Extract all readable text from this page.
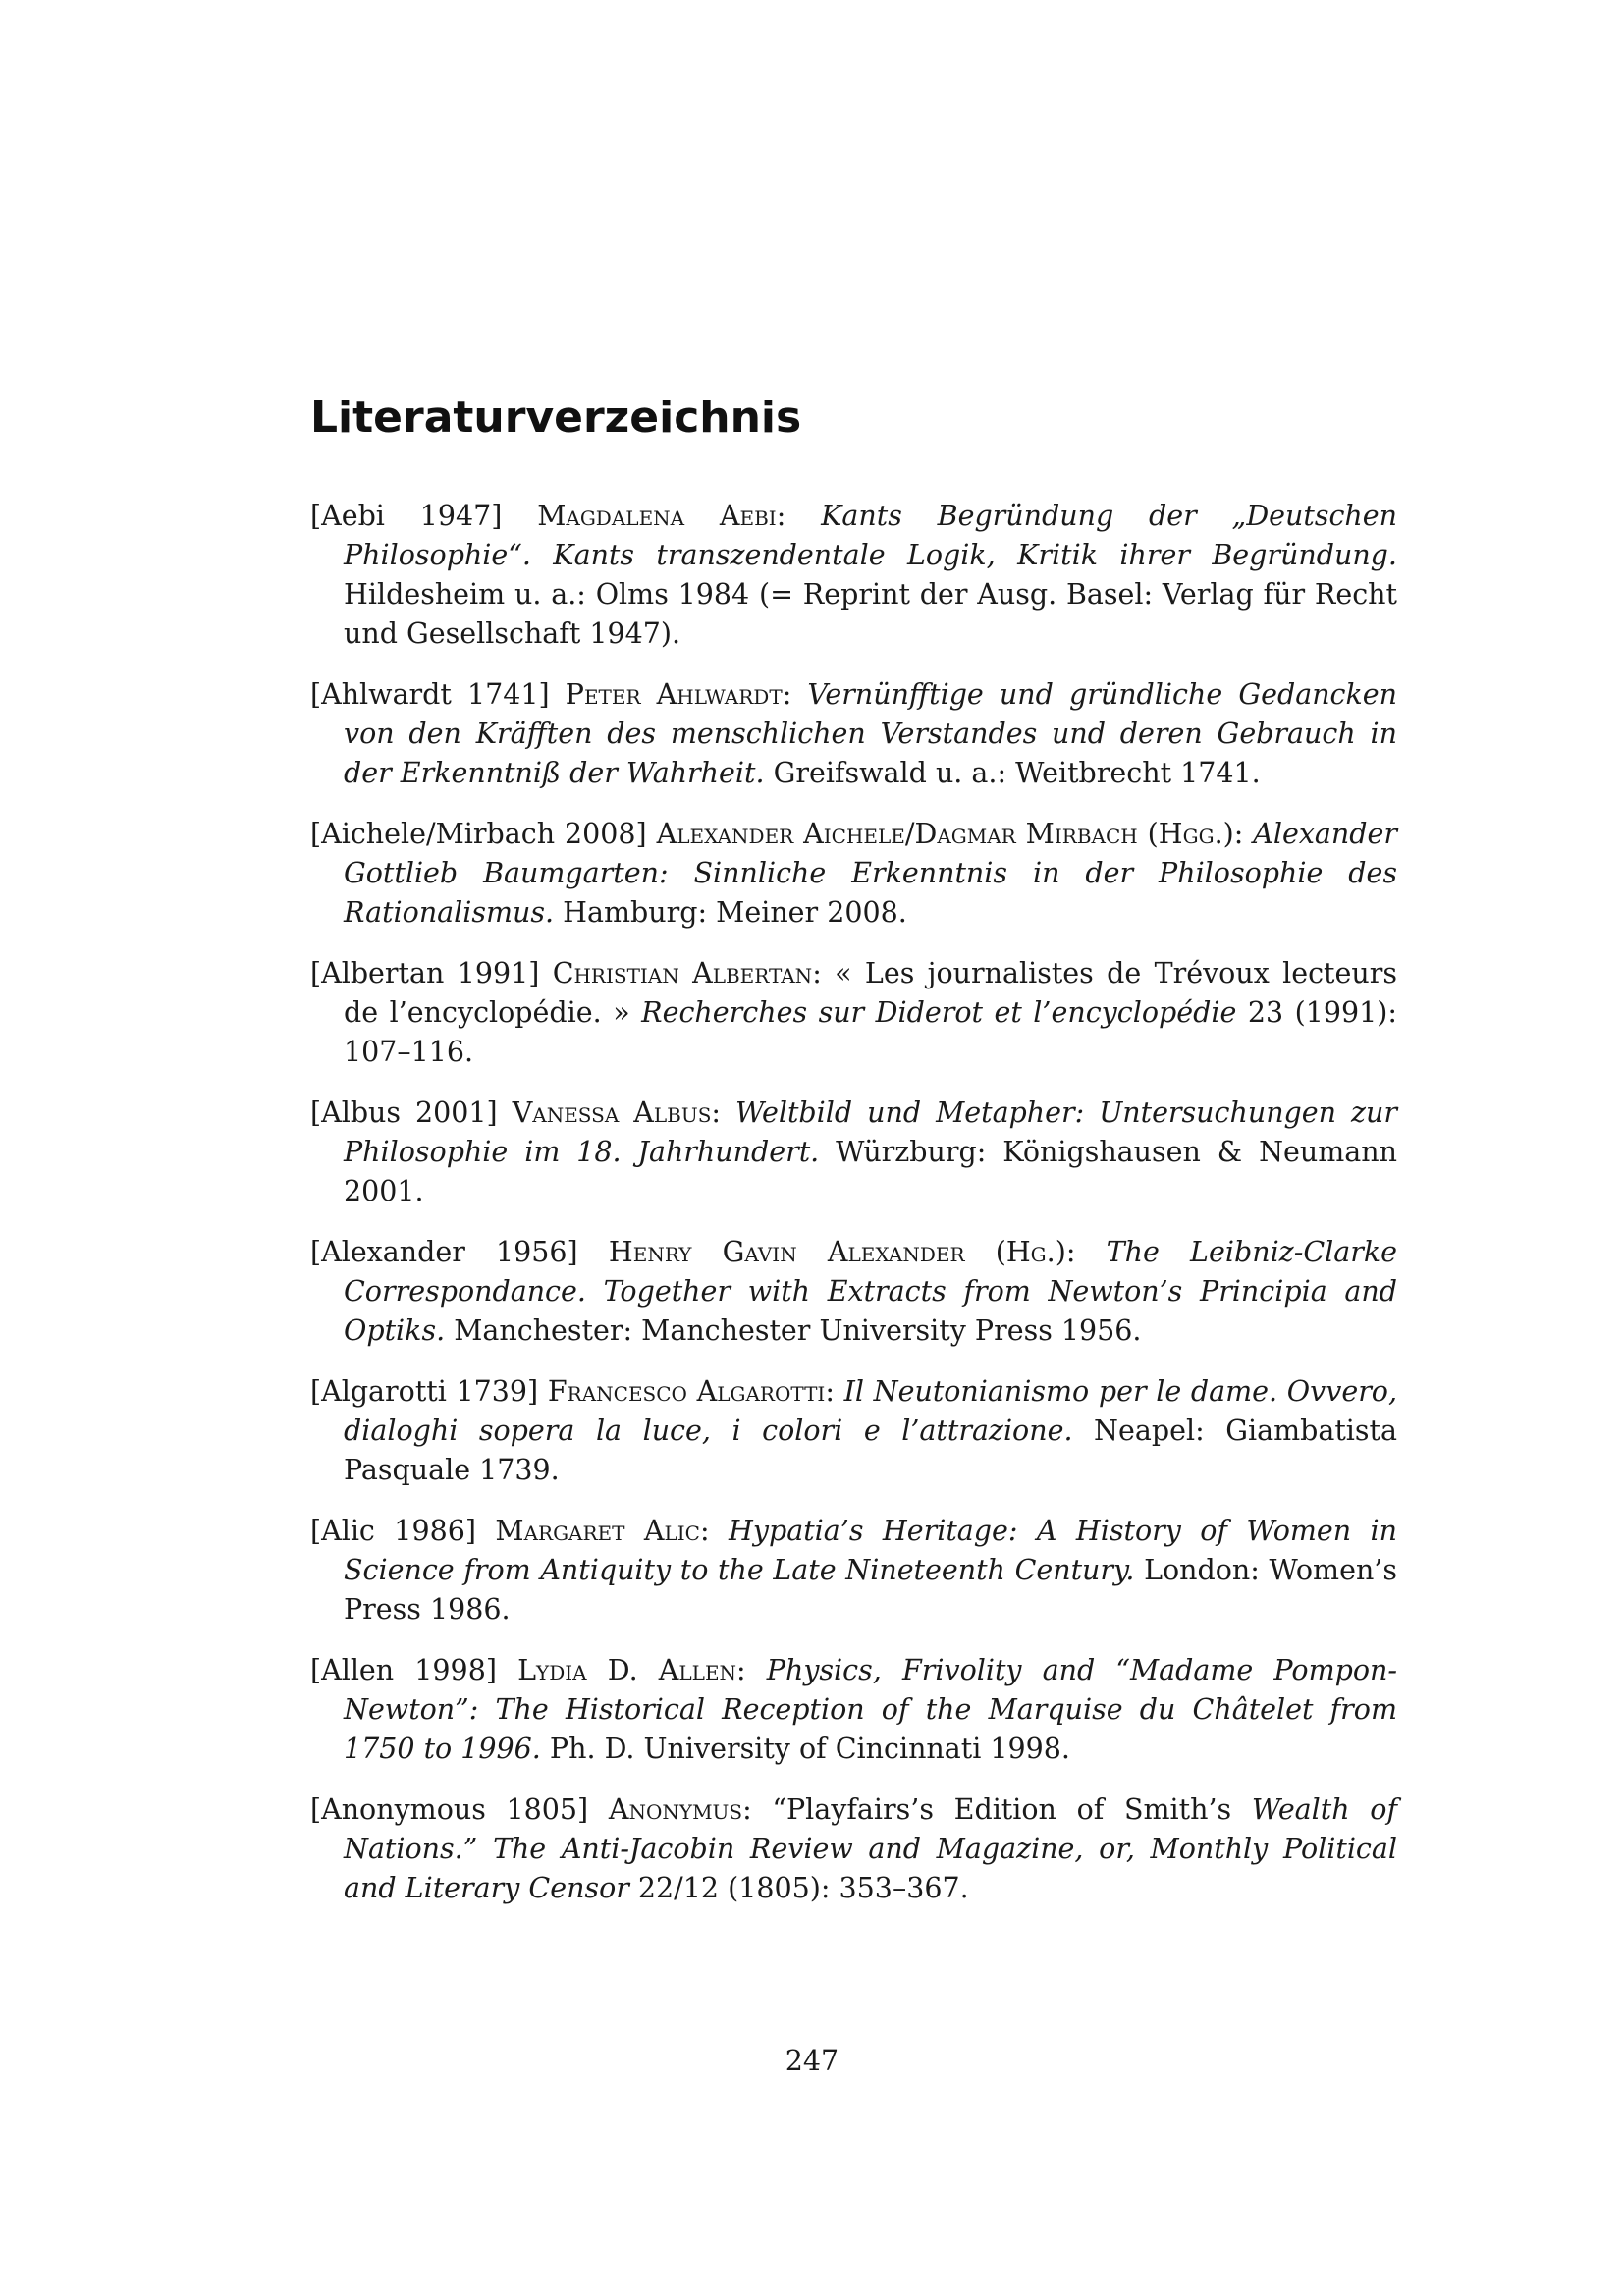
Literaturverzeichnis

[Aebi 1947] Magdalena Aebi: Kants Begründung der „Deutschen Philosophie“. Kants transzendentale Logik, Kritik ihrer Begründung. Hildesheim u. a.: Olms 1984 (= Reprint der Ausg. Basel: Verlag für Recht und Gesellschaft 1947).

[Ahlwardt 1741] Peter Ahlwardt: Vernünfftige und gründliche Gedancken von den Kräfften des menschlichen Verstandes und deren Gebrauch in der Erkenntniß der Wahrheit. Greifswald u. a.: Weitbrecht 1741.

[Aichele/Mirbach 2008] Alexander Aichele/Dagmar Mirbach (Hgg.): Alexander Gottlieb Baumgarten: Sinnliche Erkenntnis in der Philosophie des Rationalismus. Hamburg: Meiner 2008.

[Albertan 1991] Christian Albertan: « Les journalistes de Trévoux lecteurs de l’encyclopédie. » Recherches sur Diderot et l’encyclopédie 23 (1991): 107–116.

[Albus 2001] Vanessa Albus: Weltbild und Metapher: Untersuchungen zur Philosophie im 18. Jahrhundert. Würzburg: Königshausen & Neumann 2001.

[Alexander 1956] Henry Gavin Alexander (Hg.): The Leibniz-Clarke Correspondance. Together with Extracts from Newton’s Principia and Optiks. Manchester: Manchester University Press 1956.

[Algarotti 1739] Francesco Algarotti: Il Neutonianismo per le dame. Ovvero, dialoghi sopera la luce, i colori e l’attrazione. Neapel: Giambatista Pasquale 1739.

[Alic 1986] Margaret Alic: Hypatia’s Heritage: A History of Women in Science from Antiquity to the Late Nineteenth Century. London: Women’s Press 1986.

[Allen 1998] Lydia D. Allen: Physics, Frivolity and “Madame Pompon-Newton”: The Historical Reception of the Marquise du Châtelet from 1750 to 1996. Ph. D. University of Cincinnati 1998.

[Anonymous 1805] Anonymus: “Playfairs’s Edition of Smith’s Wealth of Nations.” The Anti-Jacobin Review and Magazine, or, Monthly Political and Literary Censor 22/12 (1805): 353–367.

247
